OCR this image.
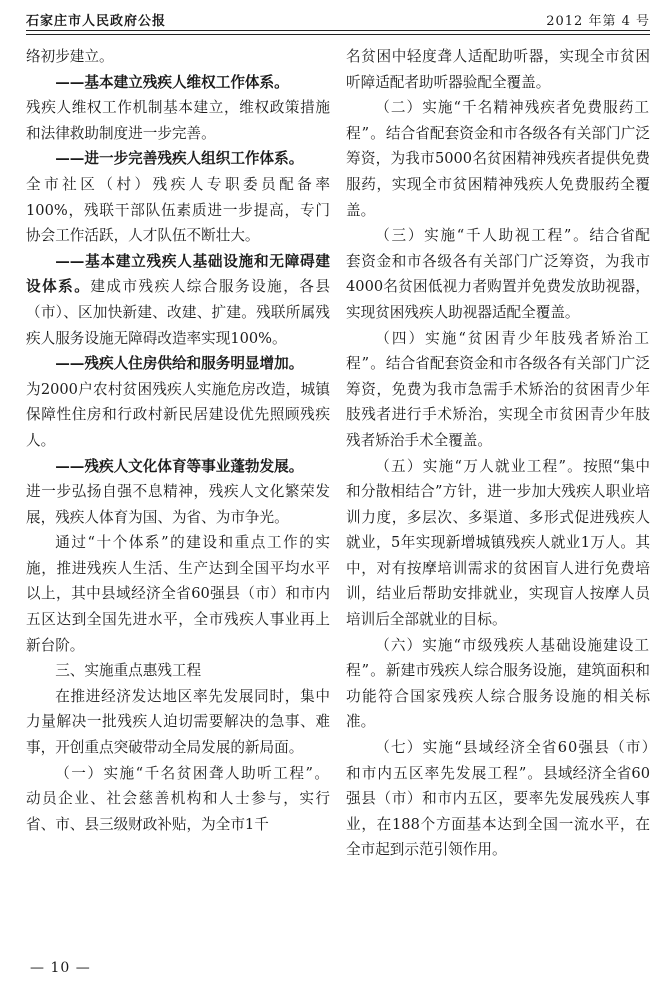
石家庄市人民政府公报	2012 年第 4 号

络初步建立。

——基本建立残疾人维权工作体系。

残疾人维权工作机制基本建立，维权政策措施和法律救助制度进一步完善。

——进一步完善残疾人组织工作体系。

全市社区（村）残疾人专职委员配备率100%，残联干部队伍素质进一步提高，专门协会工作活跃，人才队伍不断壮大。

——基本建立残疾人基础设施和无障碍建设体系。建成市残疾人综合服务设施，各县（市）、区加快新建、改建、扩建。残联所属残疾人服务设施无障碍改造率实现100%。

——残疾人住房供给和服务明显增加。

为2000户农村贫困残疾人实施危房改造，城镇保障性住房和行政村新民居建设优先照顾残疾人。

——残疾人文化体育等事业蓬勃发展。

进一步弘扬自强不息精神，残疾人文化繁荣发展，残疾人体育为国、为省、为市争光。

通过“十个体系”的建设和重点工作的实施，推进残疾人生活、生产达到全国平均水平以上，其中县域经济全省60强县（市）和市内五区达到全国先进水平，全市残疾人事业再上新台阶。

三、实施重点惠残工程

在推进经济发达地区率先发展同时，集中力量解决一批残疾人迫切需要解决的急事、难事，开创重点突破带动全局发展的新局面。

（一）实施“千名贫困聋人助听工程”。动员企业、社会慈善机构和人士参与，实行省、市、县三级财政补贴，为全市1千

名贫困中轻度聋人适配助听器，实现全市贫困听障适配者助听器验配全覆盖。

（二）实施“千名精神残疾者免费服药工程”。结合省配套资金和市各级各有关部门广泛筹资，为我市5000名贫困精神残疾者提供免费服药，实现全市贫困精神残疾人免费服药全覆盖。

（三）实施“千人助视工程”。结合省配套资金和市各级各有关部门广泛筹资，为我市4000名贫困低视力者购置并免费发放助视器，实现贫困残疾人助视器适配全覆盖。

（四）实施“贫困青少年肢残者矫治工程”。结合省配套资金和市各级各有关部门广泛筹资，免费为我市急需手术矫治的贫困青少年肢残者进行手术矫治，实现全市贫困青少年肢残者矫治手术全覆盖。

（五）实施“万人就业工程”。按照“集中和分散相结合”方针，进一步加大残疾人职业培训力度，多层次、多渠道、多形式促进残疾人就业，5年实现新增城镇残疾人就业1万人。其中，对有按摩培训需求的贫困盲人进行免费培训，结业后帮助安排就业，实现盲人按摩人员培训后全部就业的目标。

（六）实施“市级残疾人基础设施建设工程”。新建市残疾人综合服务设施，建筑面积和功能符合国家残疾人综合服务设施的相关标准。

（七）实施“县域经济全省60强县（市）和市内五区率先发展工程”。县域经济全省60强县（市）和市内五区，要率先发展残疾人事业，在188个方面基本达到全国一流水平，在全市起到示范引领作用。

— 10 —
